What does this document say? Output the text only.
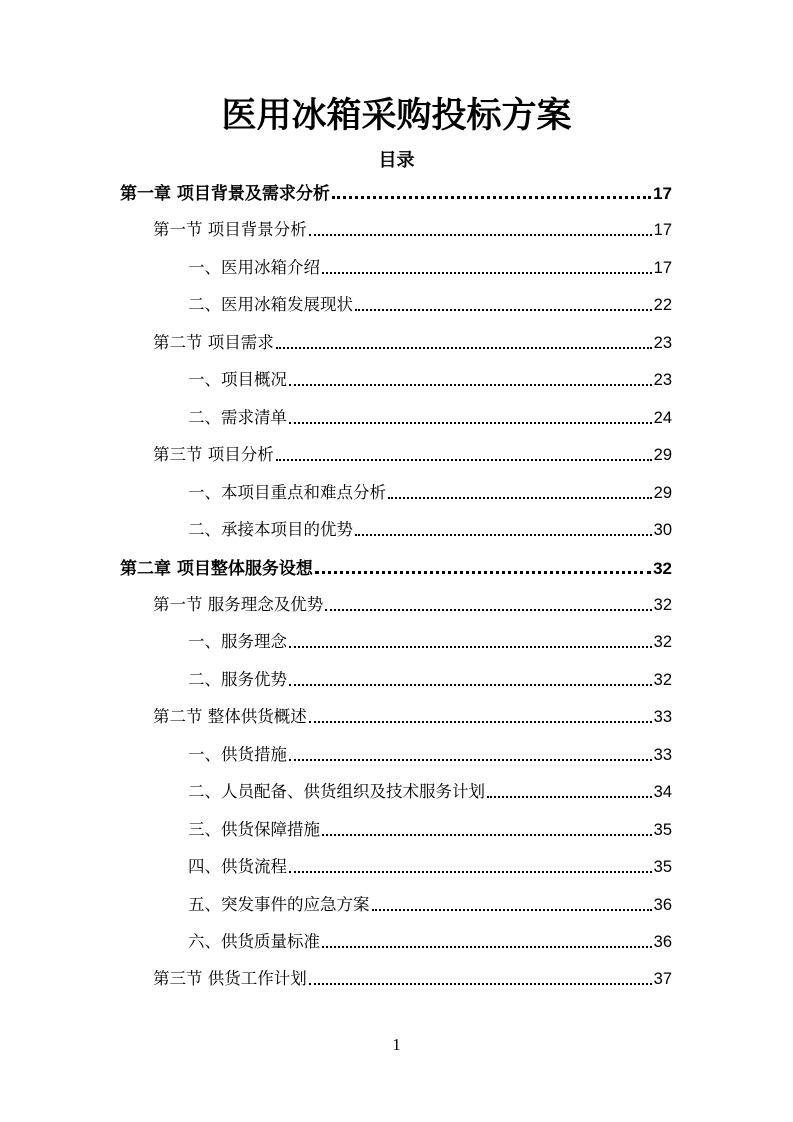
医用冰箱采购投标方案
目录
第一章 项目背景及需求分析	17
第一节 项目背景分析	17
一、医用冰箱介绍	17
二、医用冰箱发展现状	22
第二节 项目需求	23
一、项目概况	23
二、需求清单	24
第三节 项目分析	29
一、本项目重点和难点分析	29
二、承接本项目的优势	30
第二章 项目整体服务设想	32
第一节 服务理念及优势	32
一、服务理念	32
二、服务优势	32
第二节 整体供货概述	33
一、供货措施	33
二、人员配备、供货组织及技术服务计划	34
三、供货保障措施	35
四、供货流程	35
五、突发事件的应急方案	36
六、供货质量标准	36
第三节 供货工作计划	37
1
